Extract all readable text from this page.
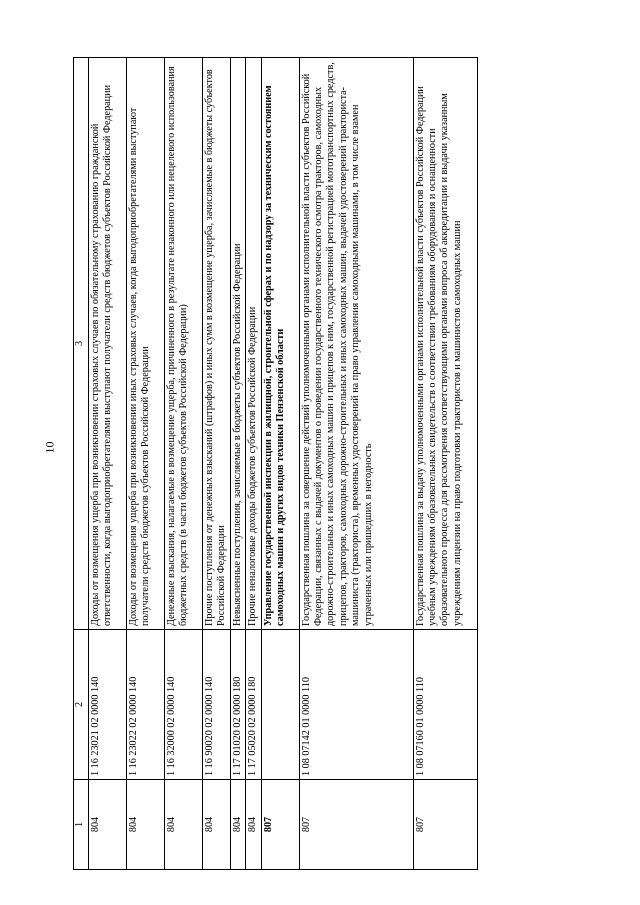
10
1	2	3
804	1 16 23021 02 0000 140	Доходы от возмещения ущерба при возникновении страховых случаев по обязательному страхованию гражданской ответственности, когда выгодоприобретателями выступают получатели средств бюджетов субъектов Российской Федерации
804	1 16 23022 02 0000 140	Доходы от возмещения ущерба при возникновении иных страховых случаев, когда выгодоприобретателями выступают получатели средств бюджетов субъектов Российской Федерации
804	1 16 32000 02 0000 140	Денежные взыскания, налагаемые в возмещение ущерба, причиненного в результате незаконного или нецелевого использования бюджетных средств (в части бюджетов субъектов Российской Федерации)
804	1 16 90020 02 0000 140	Прочие поступления от денежных взысканий (штрафов) и иных сумм в возмещение ущерба, зачисляемые в бюджеты субъектов Российской Федерации
804	1 17 01020 02 0000 180	Невыясненные поступления, зачисляемые в бюджеты субъектов Российской Федерации
804	1 17 05020 02 0000 180	Прочие неналоговые доходы бюджетов субъектов Российской Федерации
807		Управление государственной инспекции в жилищной, строительной сферах и по надзору за техническим состоянием самоходных машин и других видов техники Пензенской области
807	1 08 07142 01 0000 110	Государственная пошлина за совершение действий уполномоченными органами исполнительной власти субъектов Российской Федерации, связанных с выдачей документов о проведении государственного технического осмотра тракторов, самоходных дорожно-строительных и иных самоходных машин и прицепов к ним, государственной регистрацией мототранспортных средств, прицепов, тракторов, самоходных дорожно-строительных и иных самоходных машин, выдачей удостоверений тракториста-машиниста (тракториста), временных удостоверений на право управления самоходными машинами, в том числе взамен утраченных или пришедших в негодность
807	1 08 07160 01 0000 110	Государственная пошлина за выдачу уполномоченными органами исполнительной власти субъектов Российской Федерации учебным учреждениям образовательных свидетельств о соответствии требованиям оборудования и оснащенности образовательного процесса для рассмотрения соответствующими органами вопроса об аккредитации и выдачи указанным учреждениям лицензии на право подготовки трактористов и машинистов самоходных машин
